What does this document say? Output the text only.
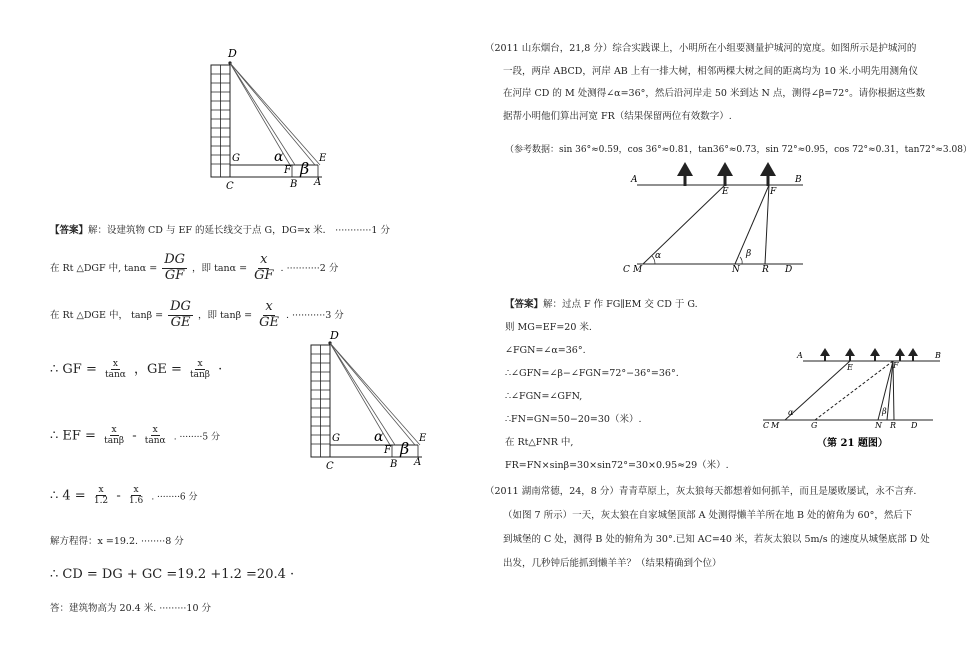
D
G
C
F
B A
E
α
β
【答案】解：设建筑物 CD 与 EF 的延长线交于点 G，DG=x 米． ············1 分
在 Rt △DGF 中, $\tan\alpha = \frac{DG}{GF}$ ，即 $\tan\alpha = \frac{x}{GF}$ . ···········2 分
在 Rt △DGE 中， $\tan\beta = \frac{DG}{GE}$ ，即 $\tan\beta = \frac{x}{GE}$ . ···········3 分
∴ GF = $\frac{x}{\tan\alpha}$ ，GE = $\frac{x}{\tan\beta}$ ·
∴ EF = $\frac{x}{\tan\beta} - \frac{x}{\tan\alpha}$ . ········5 分
∴ $4 = \frac{x}{1.2} - \frac{x}{1.6}$ . ········6 分
解方程得：x =19.2. ········8 分
∴ CD = DG + GC =19.2 +1.2 =20.4 ·
答：建筑物高为 20.4 米. ·········10 分
D
G
C
F
B A
E
α
β
（2011 山东烟台，21,8 分）综合实践课上，小明所在小组要测量护城河的宽度。如图所示是护城河的
一段，两岸 ABCD，河岸 AB 上有一排大树，相邻两棵大树之间的距离均为 10 米.小明先用测角仪
在河岸 CD 的 M 处测得∠α=36°，然后沿河岸走 50 米到达 N 点，测得∠β=72°。请你根据这些数
据帮小明他们算出河宽 FR（结果保留两位有效数字）.
（参考数据：sin 36°≈0.59，cos 36°≈0.81，tan36°≈0.73，sin 72°≈0.95，cos 72°≈0.31，tan72°≈3.08）
A	B
E	F
C M	N R D
α	β
【答案】解：过点 F 作 FG∥EM 交 CD 于 G.
则 MG=EF=20 米.
∠FGN=∠α=36°.
∴∠GFN=∠β−∠FGN=72°−36°=36°.
∴∠FGN=∠GFN,
∴FN=GN=50−20=30（米）.
在 Rt△FNR 中,
FR=FN×sinβ=30×sin72°=30×0.95≈29（米）.
A	B
E	F
C M	G	N R D
α	β
（第 21 题图）
（2011 湖南常德，24，8 分）青青草原上，灰太狼每天都想着如何抓羊，而且是屡败屡试，永不言弃.
（如图 7 所示）一天，灰太狼在自家城堡顶部 A 处测得懒羊羊所在地 B 处的俯角为 60°，然后下
到城堡的 C 处，测得 B 处的俯角为 30°.已知 AC=40 米，若灰太狼以 5m/s 的速度从城堡底部 D 处
出发，几秒钟后能抓到懒羊羊？（结果精确到个位）
